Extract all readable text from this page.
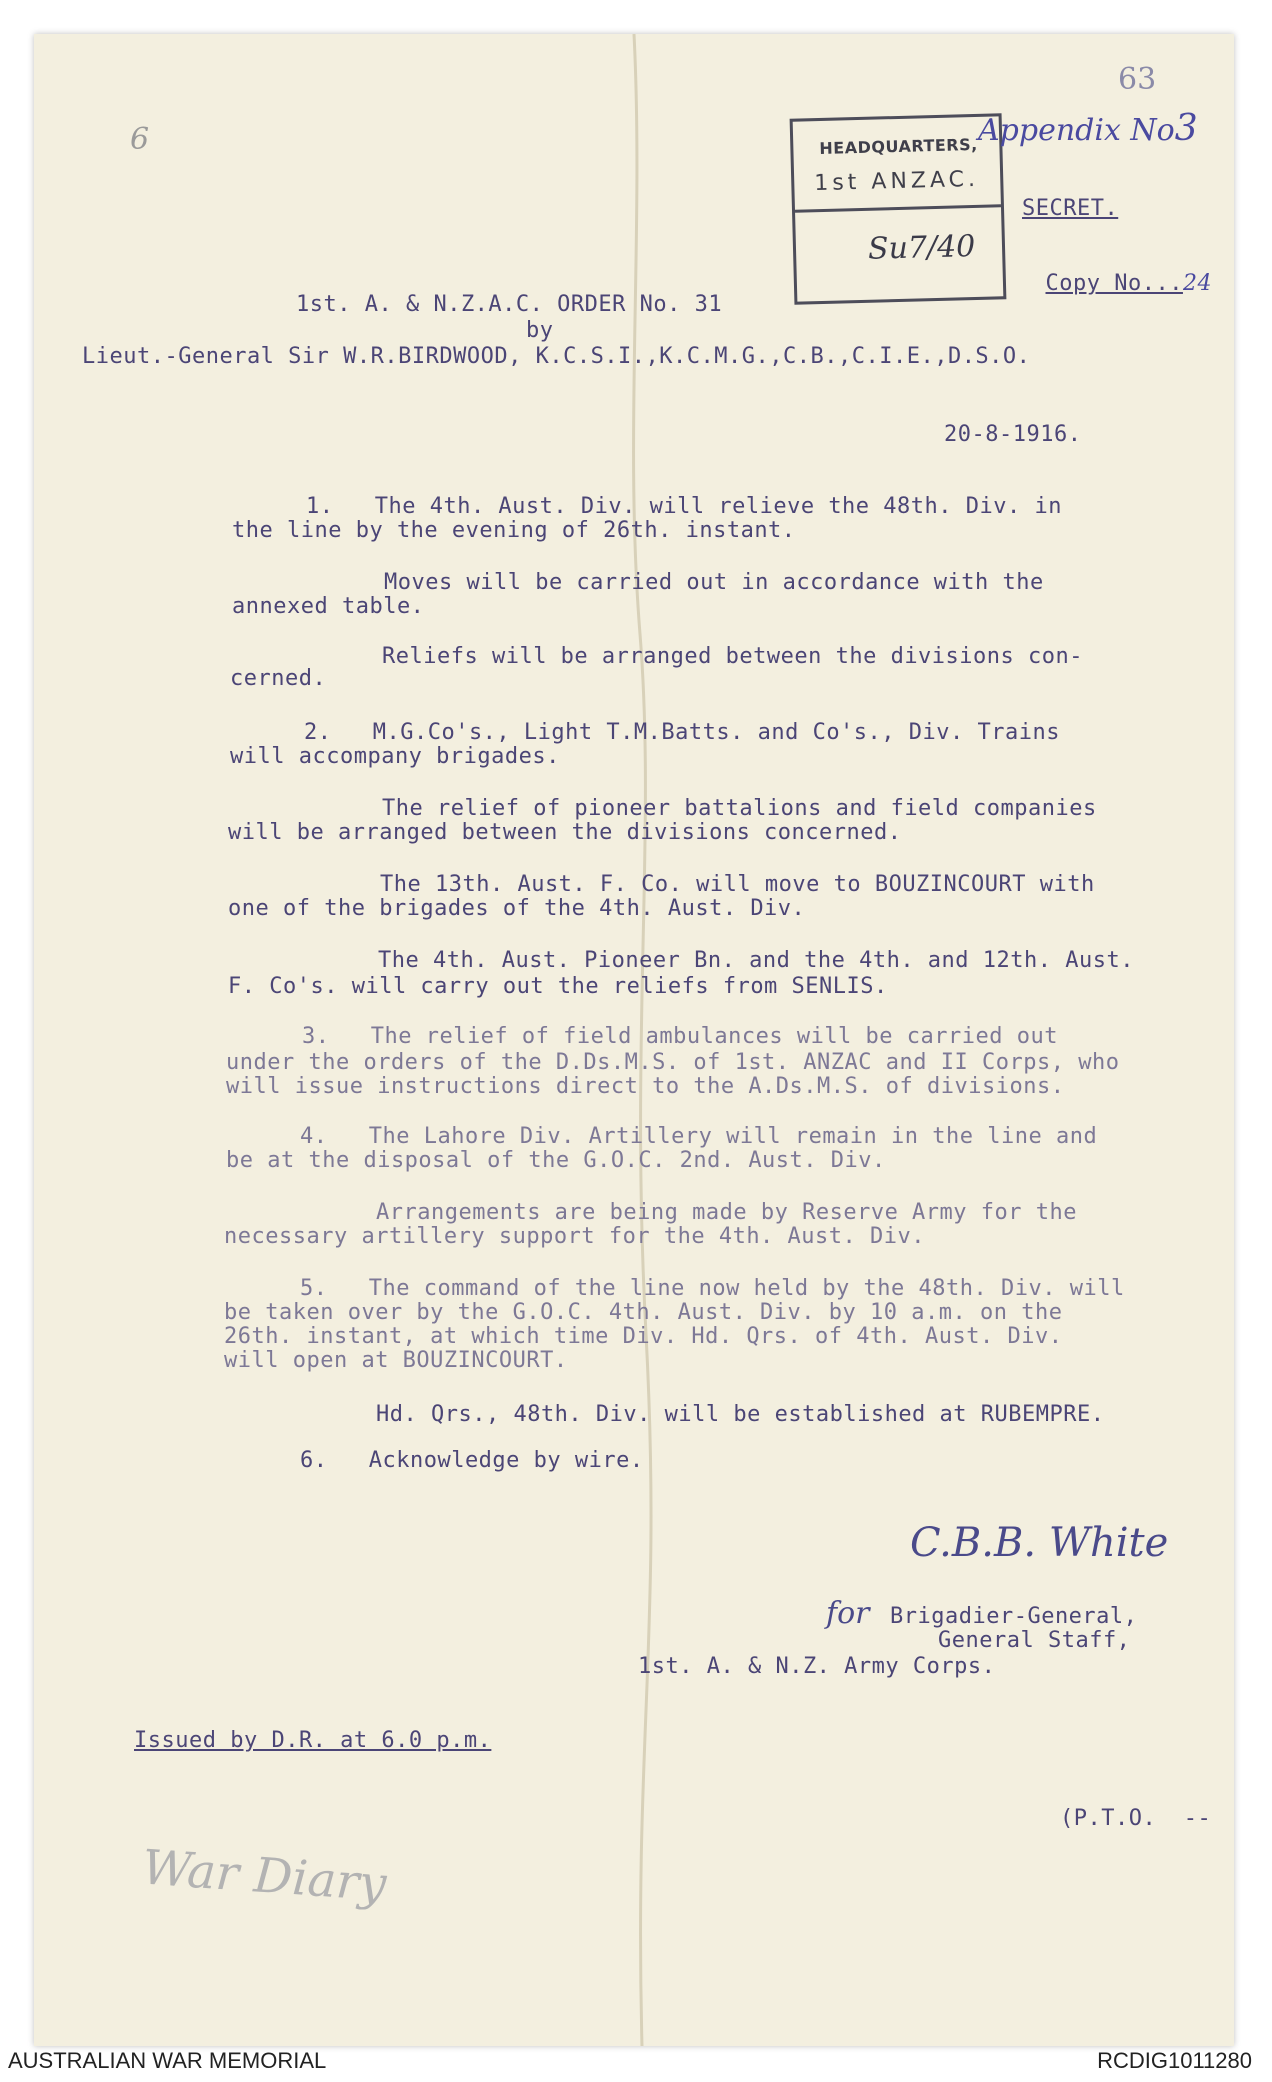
6	HEADQUARTERS,
1st ANZAC.
Su7/40
63
Appendix No3
SECRET.

Copy No...24

1st. A. & N.Z.A.C. ORDER No. 31
by
Lieut.-General Sir W.R.BIRDWOOD, K.C.S.I.,K.C.M.G.,C.B.,C.I.E.,D.S.O.
20-8-1916.
1.   The 4th. Aust. Div. will relieve the 48th. Div. in
the line by the evening of 26th. instant.
Moves will be carried out in accordance with the
annexed table.
Reliefs will be arranged between the divisions con-
cerned.
2.   M.G.Co's., Light T.M.Batts. and Co's., Div. Trains
will accompany brigades.
The relief of pioneer battalions and field companies
will be arranged between the divisions concerned.
The 13th. Aust. F. Co. will move to BOUZINCOURT with
one of the brigades of the 4th. Aust. Div.
The 4th. Aust. Pioneer Bn. and the 4th. and 12th. Aust.
F. Co's. will carry out the reliefs from SENLIS.
3.   The relief of field ambulances will be carried out
under the orders of the D.Ds.M.S. of 1st. ANZAC and II Corps, who
will issue instructions direct to the A.Ds.M.S. of divisions.
4.   The Lahore Div. Artillery will remain in the line and
be at the disposal of the G.O.C. 2nd. Aust. Div.
Arrangements are being made by Reserve Army for the
necessary artillery support for the 4th. Aust. Div.
5.   The command of the line now held by the 48th. Div. will
be taken over by the G.O.C. 4th. Aust. Div. by 10 a.m. on the
26th. instant, at which time Div. Hd. Qrs. of 4th. Aust. Div.
will open at BOUZINCOURT.
Hd. Qrs., 48th. Div. will be established at RUBEMPRE.
6.   Acknowledge by wire.
C.B.B. White
for Brigadier-General,
General Staff,
1st. A. & N.Z. Army Corps.
Issued by D.R. at 6.0 p.m.
(P.T.O.  --
War Diary
AUSTRALIAN WAR MEMORIAL	RCDIG1011280
